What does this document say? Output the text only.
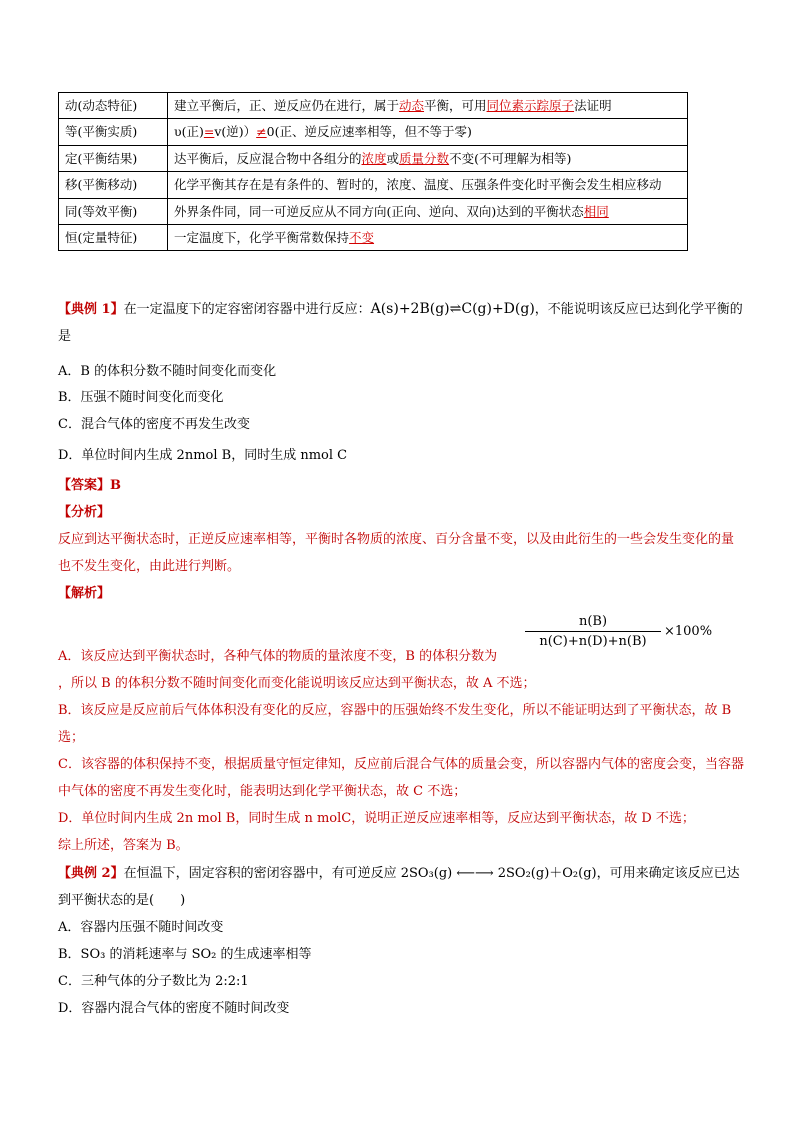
动(动态特征)	建立平衡后，正、逆反应仍在进行，属于动态平衡，可用同位素示踪原子法证明
等(平衡实质)	υ(正)=v(逆)）≠0(正、逆反应速率相等，但不等于零)
定(平衡结果)	达平衡后，反应混合物中各组分的浓度或质量分数不变(不可理解为相等)
移(平衡移动)	化学平衡其存在是有条件的、暂时的，浓度、温度、压强条件变化时平衡会发生相应移动
同(等效平衡)	外界条件同，同一可逆反应从不同方向(正向、逆向、双向)达到的平衡状态相同
恒(定量特征)	一定温度下，化学平衡常数保持不变
【典例 1】在一定温度下的定容密闭容器中进行反应：A(s)+2B(g)⇌C(g)+D(g)，不能说明该反应已达到化学平衡的是
A．B 的体积分数不随时间变化而变化
B．压强不随时间变化而变化
C．混合气体的密度不再发生改变
D．单位时间内生成 2nmol B，同时生成 nmol C
【答案】B
【分析】
反应到达平衡状态时，正逆反应速率相等，平衡时各物质的浓度、百分含量不变，以及由此衍生的一些会发生变化的量也不发生变化，由此进行判断。
【解析】
n(B)
n(C)+n(D)+n(B)
×100%
A．该反应达到平衡状态时，各种气体的物质的量浓度不变，B 的体积分数为
，所以 B 的体积分数不随时间变化而变化能说明该反应达到平衡状态，故 A 不选；
B．该反应是反应前后气体体积没有变化的反应，容器中的压强始终不发生变化，所以不能证明达到了平衡状态，故 B 选；
C．该容器的体积保持不变，根据质量守恒定律知，反应前后混合气体的质量会变，所以容器内气体的密度会变，当容器中气体的密度不再发生变化时，能表明达到化学平衡状态，故 C 不选；
D．单位时间内生成 2n mol B，同时生成 n molC，说明正逆反应速率相等，反应达到平衡状态，故 D 不选；
综上所述，答案为 B。
【典例 2】在恒温下，固定容积的密闭容器中，有可逆反应 2SO₃(g) ⟵⟶ 2SO₂(g)＋O₂(g)，可用来确定该反应已达到平衡状态的是(　　)
A．容器内压强不随时间改变
B．SO₃ 的消耗速率与 SO₂ 的生成速率相等
C．三种气体的分子数比为 2:2:1
D．容器内混合气体的密度不随时间改变
